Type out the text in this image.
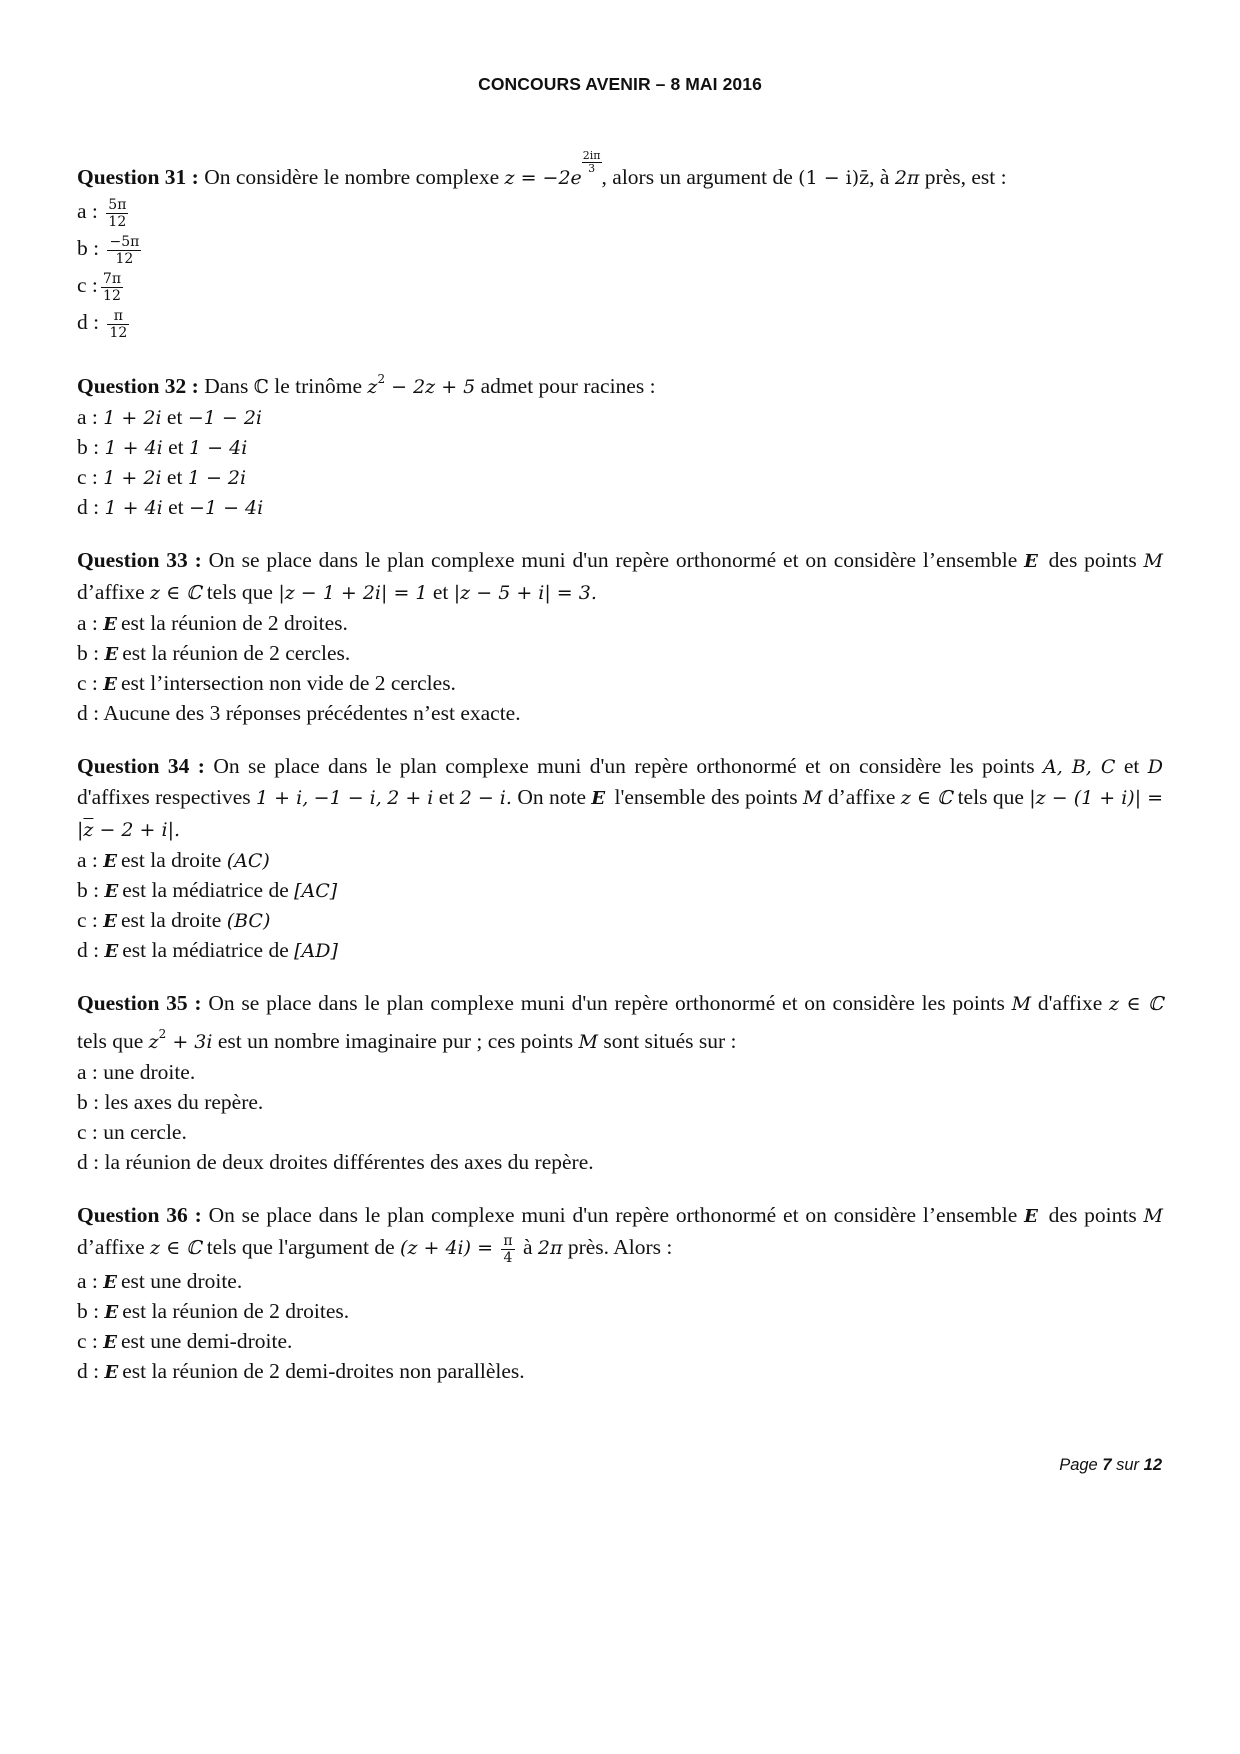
CONCOURS AVENIR – 8 MAI 2016
Question 31 : On considère le nombre complexe z = −2e
$\frac{2i\pi}{3}$
, alors un argument de (1 − i)z̄, à 2π près, est :
a : $\frac{5\pi}{12}$
b : $\frac{-5\pi}{12}$
c : $\frac{7\pi}{12}$
d : $\frac{\pi}{12}$
Question 32 : Dans ℂ le trinôme $z^2 - 2z + 5$ admet pour racines :
a : 1 + 2i et −1 − 2i
b : 1 + 4i et 1 − 4i
c : 1 + 2i et 1 − 2i
d : 1 + 4i et −1 − 4i
Question 33 : On se place dans le plan complexe muni d'un repère orthonormé et on considère l’ensemble E des points M d’affixe z ∈ ℂ tels que |z − 1 + 2i| = 1 et |z − 5 + i| = 3.
a : E est la réunion de 2 droites.
b : E est la réunion de 2 cercles.
c : E est l’intersection non vide de 2 cercles.
d : Aucune des 3 réponses précédentes n’est exacte.
Question 34 : On se place dans le plan complexe muni d'un repère orthonormé et on considère les points A, B, C et D d'affixes respectives 1 + i, −1 − i, 2 + i et 2 − i. On note E l'ensemble des points M d’affixe z ∈ ℂ tels que $|z - (1 + i)| = |\overline{z} - 2 + i|$.
a : E est la droite (AC)
b : E est la médiatrice de [AC]
c : E est la droite (BC)
d : E est la médiatrice de [AD]
Question 35 : On se place dans le plan complexe muni d'un repère orthonormé et on considère les points M d'affixe z ∈ ℂ tels que $z^2 + 3i$ est un nombre imaginaire pur ; ces points M sont situés sur :
a : une droite.
b : les axes du repère.
c : un cercle.
d : la réunion de deux droites différentes des axes du repère.
Question 36 : On se place dans le plan complexe muni d'un repère orthonormé et on considère l’ensemble E des points M d’affixe z ∈ ℂ tels que l'argument de $(z + 4i) = \frac{\pi}{4}$ à 2π près. Alors :
a : E est une droite.
b : E est la réunion de 2 droites.
c : E est une demi-droite.
d : E est la réunion de 2 demi-droites non parallèles.
Page 7 sur 12
